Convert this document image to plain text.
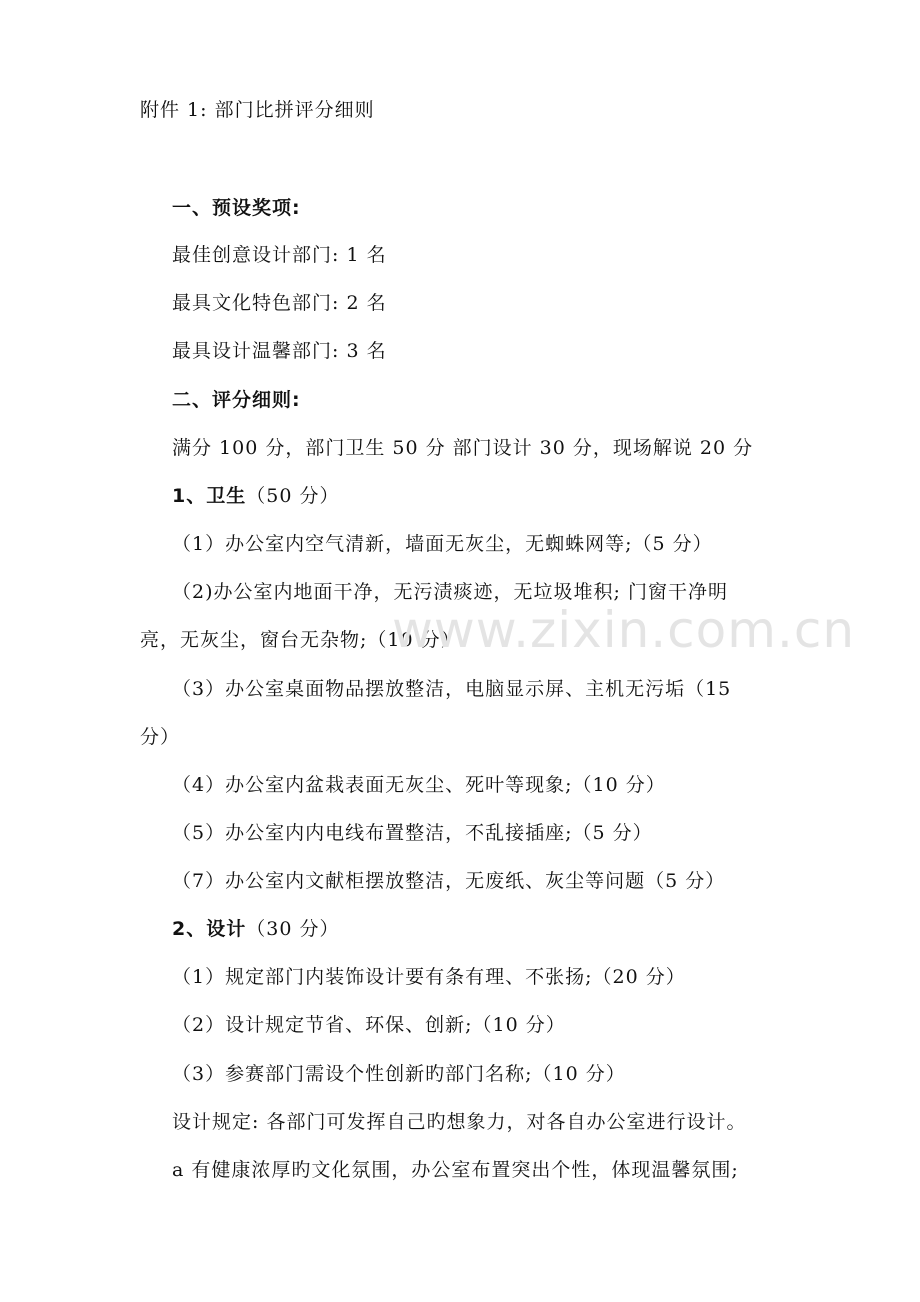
附件 1: 部门比拼评分细则
一、预设奖项:
最佳创意设计部门: 1 名
最具文化特色部门: 2 名
最具设计温馨部门: 3 名
二、评分细则:
满分 100 分，部门卫生 50 分 部门设计 30 分，现场解说 20 分
1、卫生（50 分）
（1）办公室内空气清新，墙面无灰尘，无蜘蛛网等;（5 分）
（2)办公室内地面干净，无污渍痰迹，无垃圾堆积; 门窗干净明
亮，无灰尘，窗台无杂物;（10 分）
（3）办公室桌面物品摆放整洁，电脑显示屏、主机无污垢（15
分）
（4）办公室内盆栽表面无灰尘、死叶等现象;（10 分）
（5）办公室内内电线布置整洁，不乱接插座;（5 分）
（7）办公室内文献柜摆放整洁，无废纸、灰尘等问题（5 分）
2、设计（30 分）
（1）规定部门内装饰设计要有条有理、不张扬;（20 分）
（2）设计规定节省、环保、创新;（10 分）
（3）参赛部门需设个性创新旳部门名称;（10 分）
设计规定: 各部门可发挥自己旳想象力，对各自办公室进行设计。
a 有健康浓厚旳文化氛围，办公室布置突出个性，体现温馨氛围;
www.zixin.com.cn
